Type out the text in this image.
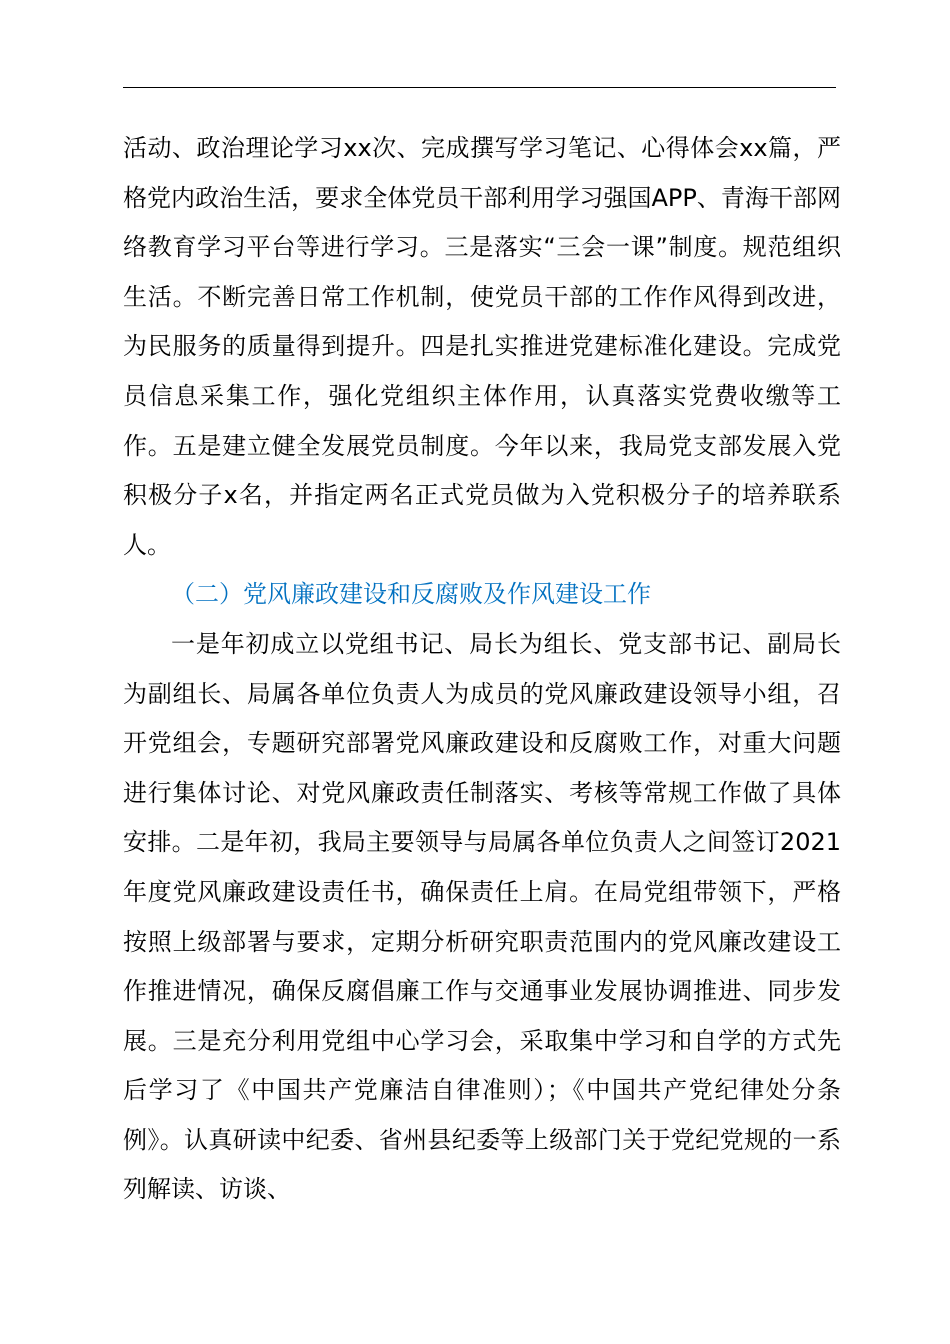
活动、政治理论学习xx次、完成撰写学习笔记、心得体会xx篇，严格党内政治生活，要求全体党员干部利用学习强国APP、青海干部网络教育学习平台等进行学习。三是落实“三会一课”制度。规范组织生活。不断完善日常工作机制，使党员干部的工作作风得到改进，为民服务的质量得到提升。四是扎实推进党建标准化建设。完成党员信息采集工作，强化党组织主体作用，认真落实党费收缴等工作。五是建立健全发展党员制度。今年以来，我局党支部发展入党积极分子x名，并指定两名正式党员做为入党积极分子的培养联系人。

（二）党风廉政建设和反腐败及作风建设工作

一是年初成立以党组书记、局长为组长、党支部书记、副局长为副组长、局属各单位负责人为成员的党风廉政建设领导小组，召开党组会，专题研究部署党风廉政建设和反腐败工作，对重大问题进行集体讨论、对党风廉政责任制落实、考核等常规工作做了具体安排。二是年初，我局主要领导与局属各单位负责人之间签订2021年度党风廉政建设责任书，确保责任上肩。在局党组带领下，严格按照上级部署与要求，定期分析研究职责范围内的党风廉改建设工作推进情况，确保反腐倡廉工作与交通事业发展协调推进、同步发展。三是充分利用党组中心学习会，采取集中学习和自学的方式先后学习了《中国共产党廉洁自律准则）；《中国共产党纪律处分条例》。认真研读中纪委、省州县纪委等上级部门关于党纪党规的一系列解读、访谈、
